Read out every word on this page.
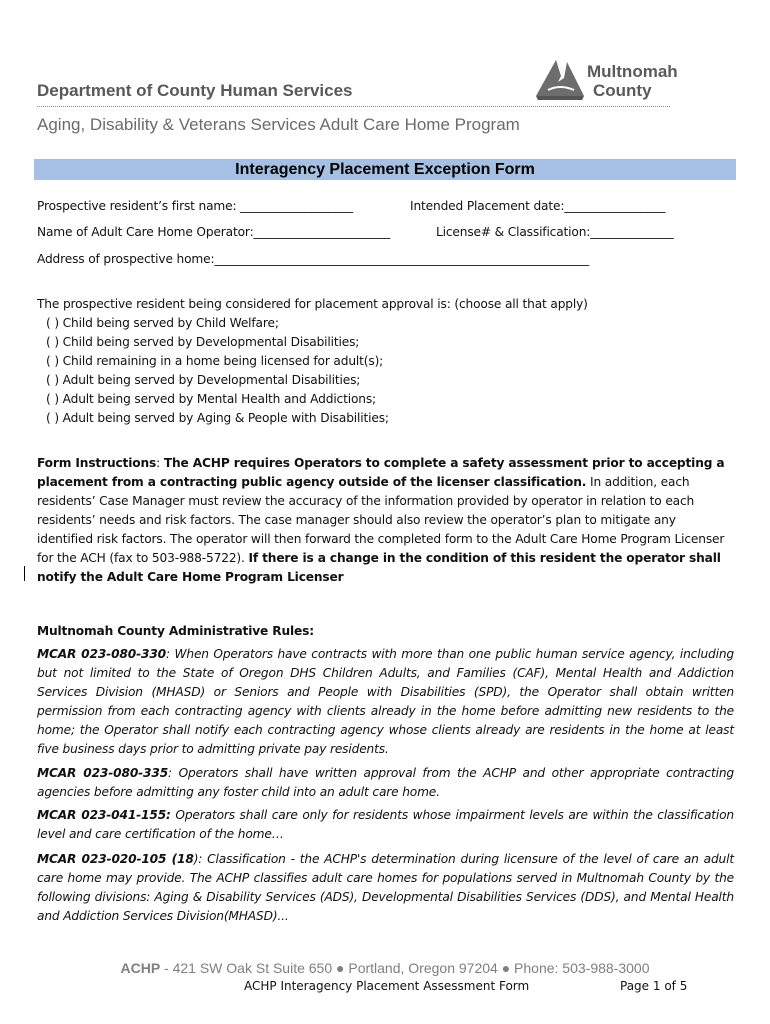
Department of County Human Services
Aging, Disability & Veterans Services Adult Care Home Program
Multnomah
County
Interagency Placement Exception Form
Prospective resident’s first name: ___________________	Intended Placement date:_________________
Name of Adult Care Home Operator:_______________________	License# & Classification:______________
Address of prospective home:_______________________________________________________________
The prospective resident being considered for placement approval is: (choose all that apply)
( ) Child being served by Child Welfare;
( ) Child being served by Developmental Disabilities;
( ) Child remaining in a home being licensed for adult(s);
( ) Adult being served by Developmental Disabilities;
( ) Adult being served by Mental Health and Addictions;
( ) Adult being served by Aging & People with Disabilities;
Form Instructions: The ACHP requires Operators to complete a safety assessment prior to accepting a placement from a contracting public agency outside of the licenser classification. In addition, each residents’ Case Manager must review the accuracy of the information provided by operator in relation to each residents’ needs and risk factors. The case manager should also review the operator’s plan to mitigate any identified risk factors. The operator will then forward the completed form to the Adult Care Home Program Licenser for the ACH (fax to 503-988-5722). If there is a change in the condition of this resident the operator shall notify the Adult Care Home Program Licenser
Multnomah County Administrative Rules:
MCAR 023-080-330: When Operators have contracts with more than one public human service agency, including but not limited to the State of Oregon DHS Children Adults, and Families (CAF), Mental Health and Addiction Services Division (MHASD) or Seniors and People with Disabilities (SPD), the Operator shall obtain written permission from each contracting agency with clients already in the home before admitting new residents to the home; the Operator shall notify each contracting agency whose clients already are residents in the home at least five business days prior to admitting private pay residents.
MCAR 023-080-335: Operators shall have written approval from the ACHP and other appropriate contracting agencies before admitting any foster child into an adult care home.
MCAR 023-041-155: Operators shall care only for residents whose impairment levels are within the classification level and care certification of the home…
MCAR 023-020-105 (18): Classification - the ACHP's determination during licensure of the level of care an adult care home may provide. The ACHP classifies adult care homes for populations served in Multnomah County by the following divisions: Aging & Disability Services (ADS), Developmental Disabilities Services (DDS), and Mental Health and Addiction Services Division(MHASD)...
ACHP - 421 SW Oak St Suite 650 ● Portland, Oregon 97204 ● Phone: 503-988-3000
ACHP Interagency Placement Assessment Form	Page 1 of 5
